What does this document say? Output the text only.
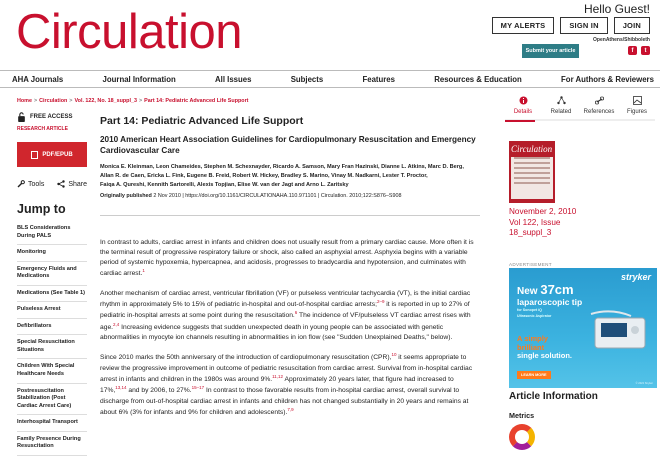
Circulation	Hello Guest!
MY ALERTS	SIGN IN	JOIN
OpenAthens/Shibboleth
Submit your article	f	t
AHA Journals	Journal Information	All Issues	Subjects	Features	Resources & Education	For Authors & Reviewers
Home > Circulation > Vol. 122, No. 18_suppl_3 > Part 14: Pediatric Advanced Life Support
FREE ACCESS
RESEARCH ARTICLE
PDF/EPUB
Tools	Share
Jump to
BLS Considerations During PALS
Monitoring
Emergency Fluids and Medications
Medications (See Table 1)
Pulseless Arrest
Defibrillators
Special Resuscitation Situations
Children With Special Healthcare Needs
Postresuscitation Stabilization (Post Cardiac Arrest Care)
Interhospital Transport
Family Presence During Resuscitation
Part 14: Pediatric Advanced Life Support
2010 American Heart Association Guidelines for Cardiopulmonary Resuscitation and Emergency Cardiovascular Care
Monica E. Kleinman, Leon Chameides, Stephen M. Schexnayder, Ricardo A. Samson, Mary Fran Hazinski, Dianne L. Atkins, Marc D. Berg,
Allan R. de Caen, Ericka L. Fink, Eugene B. Freid, Robert W. Hickey, Bradley S. Marino, Vinay M. Nadkarni, Lester T. Proctor,
Faiqa A. Qureshi, Kennith Sartorelli, Alexis Topjian, Elise W. van der Jagt and Arno L. Zaritsky
Originally published 2 Nov 2010 | https://doi.org/10.1161/CIRCULATIONAHA.110.971101 | Circulation. 2010;122:S876–S908

In contrast to adults, cardiac arrest in infants and children does not usually result from a primary cardiac cause. More often it is the terminal result of progressive respiratory failure or shock, also called an asphyxial arrest. Asphyxia begins with a variable period of systemic hypoxemia, hypercapnea, and acidosis, progresses to bradycardia and hypotension, and culminates with cardiac arrest.$^1$

Another mechanism of cardiac arrest, ventricular fibrillation (VF) or pulseless ventricular tachycardia (VT), is the initial cardiac rhythm in approximately 5% to 15% of pediatric in-hospital and out-of-hospital cardiac arrests;$^{2-9}$ it is reported in up to 27% of pediatric in-hospital arrests at some point during the resuscitation.$^6$ The incidence of VF/pulseless VT cardiac arrest rises with age.$^{2,4}$ Increasing evidence suggests that sudden unexpected death in young people can be associated with genetic abnormalities in myocyte ion channels resulting in abnormalities in ion flow (see "Sudden Unexplained Deaths," below).

Since 2010 marks the 50th anniversary of the introduction of cardiopulmonary resuscitation (CPR),$^{10}$ it seems appropriate to review the progressive improvement in outcome of pediatric resuscitation from cardiac arrest. Survival from in-hospital cardiac arrest in infants and children in the 1980s was around 9%.$^{11,12}$ Approximately 20 years later, that figure had increased to 17%,$^{13,14}$ and by 2006, to 27%.$^{15-17}$ In contrast to those favorable results from in-hospital cardiac arrest, overall survival to discharge from out-of-hospital cardiac arrest in infants and children has not changed substantially in 20 years and remains at about 6% (3% for infants and 9% for children and adolescents).$^{7,9}$

Details	Related References Figures
Circulation
November 2, 2010
Vol 122, Issue
18_suppl_3
ADVERTISEMENT
stryker
New 37cm
laparoscopic tip
for Sonopet iQ
Ultrasonic Aspirator
A simply
brilliant
single solution.
LEARN MORE
© 2022 Stryker
Article Information
Metrics
